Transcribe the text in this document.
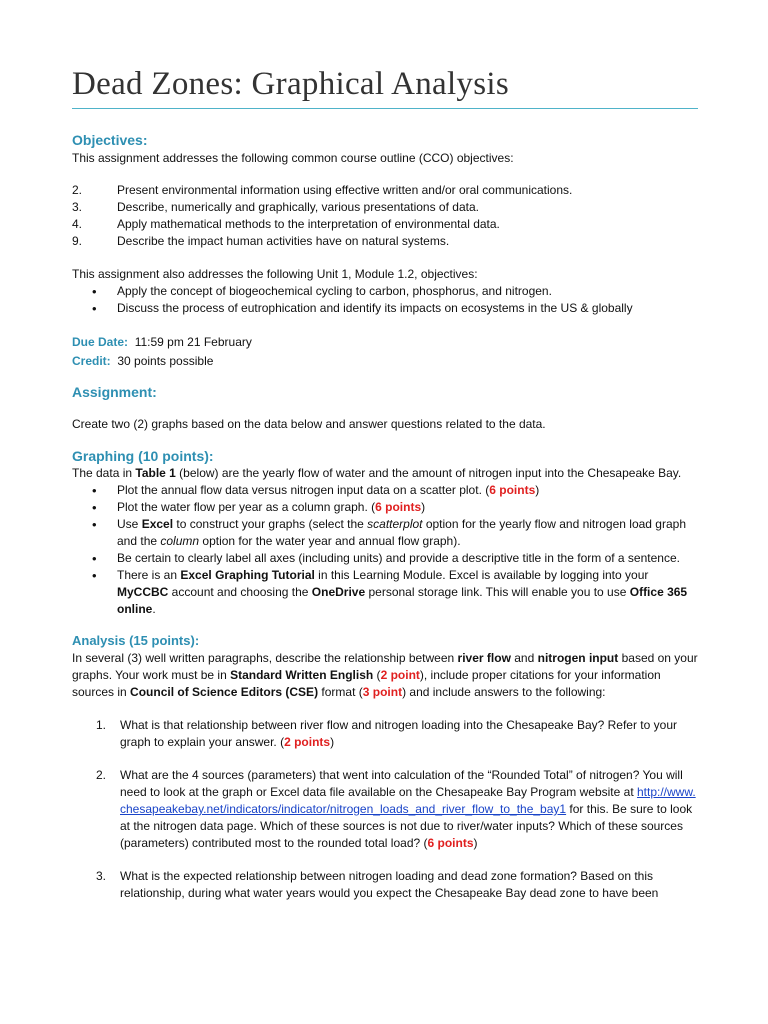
Dead Zones: Graphical Analysis
Objectives:

This assignment addresses the following common course outline (CCO) objectives:

2.	Present environmental information using effective written and/or oral communications.
3.	Describe, numerically and graphically, various presentations of data.
4.	Apply mathematical methods to the interpretation of environmental data.
9.	Describe the impact human activities have on natural systems.

This assignment also addresses the following Unit 1, Module 1.2, objectives:

•	Apply the concept of biogeochemical cycling to carbon, phosphorus, and nitrogen.
•	Discuss the process of eutrophication and identify its impacts on ecosystems in the US & globally

Due Date: 11:59 pm 21 February

Credit: 30 points possible

Assignment:

Create two (2) graphs based on the data below and answer questions related to the data.

Graphing (10 points):

The data in Table 1 (below) are the yearly flow of water and the amount of nitrogen input into the Chesapeake Bay.

•	Plot the annual flow data versus nitrogen input data on a scatter plot. (6 points)
•	Plot the water flow per year as a column graph. (6 points)
•	Use Excel to construct your graphs (select the scatterplot option for the yearly flow and nitrogen load graph and the column option for the water year and annual flow graph).
•	Be certain to clearly label all axes (including units) and provide a descriptive title in the form of a sentence.
•	There is an Excel Graphing Tutorial in this Learning Module. Excel is available by logging into your MyCCBC account and choosing the OneDrive personal storage link. This will enable you to use Office 365 online.
Analysis (15 points):

In several (3) well written paragraphs, describe the relationship between river flow and nitrogen input based on your graphs. Your work must be in Standard Written English (2 point), include proper citations for your information sources in Council of Science Editors (CSE) format (3 point) and include answers to the following:

1.	What is that relationship between river flow and nitrogen loading into the Chesapeake Bay? Refer to your graph to explain your answer. (2 points)
2.	What are the 4 sources (parameters) that went into calculation of the “Rounded Total” of nitrogen? You will need to look at the graph or Excel data file available on the Chesapeake Bay Program website at http://www.chesapeakebay.net/indicators/indicator/nitrogen_loads_and_river_flow_to_the_bay1 for this. Be sure to look at the nitrogen data page. Which of these sources is not due to river/water inputs? Which of these sources (parameters) contributed most to the rounded total load? (6 points)
3.	What is the expected relationship between nitrogen loading and dead zone formation? Based on this relationship, during what water years would you expect the Chesapeake Bay dead zone to have been
